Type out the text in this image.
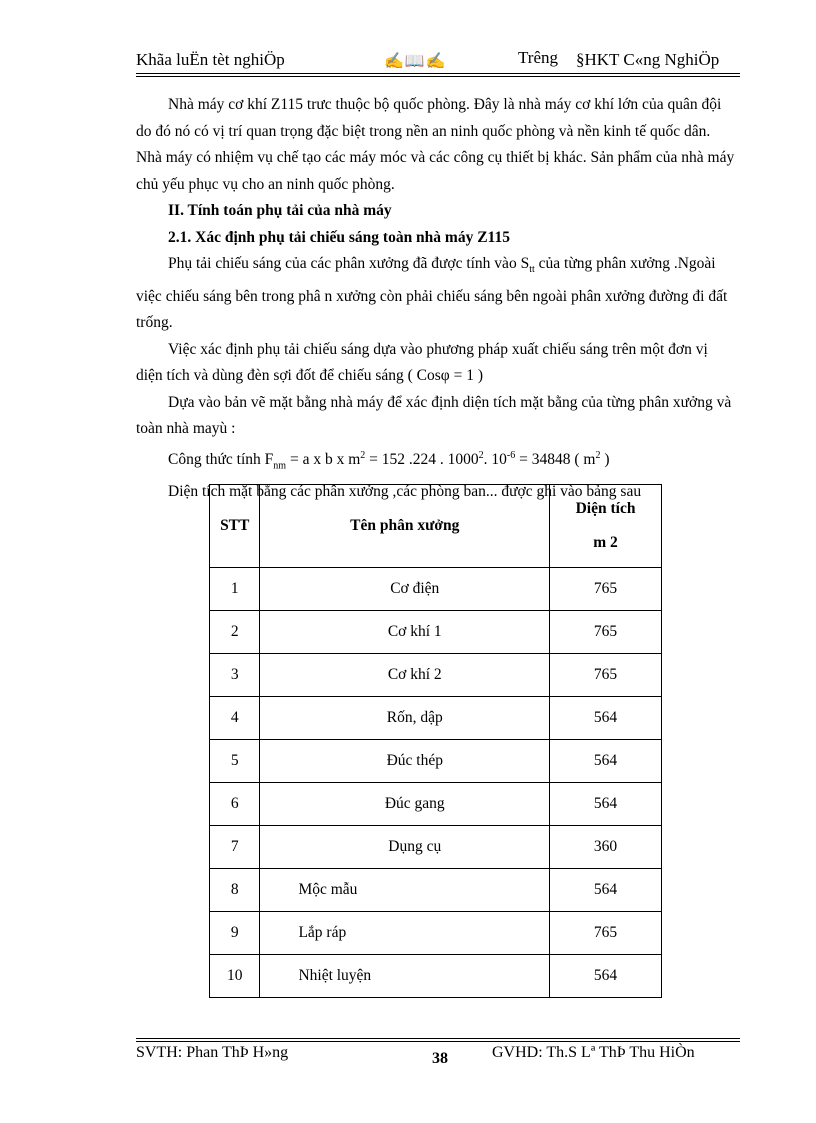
Khãa luËn tèt nghiÖp	✍📖✍	Trêng §HKT C«ng NghiÖp

Nhà máy cơ khí Z115 trưc thuộc bộ quốc phòng. Đây là nhà máy cơ khí lớn của quân đội do đó nó có vị trí quan trọng đặc biệt trong nền an ninh quốc phòng và nền kinh tế quốc dân. Nhà máy có nhiệm vụ chế tạo các máy móc và các công cụ thiết bị khác. Sản phẩm của nhà máy chủ yếu phục vụ cho an ninh quốc phòng.

II. Tính toán phụ tải của nhà máy

2.1. Xác định phụ tải chiếu sáng toàn nhà máy Z115

Phụ tải chiếu sáng của các phân xưởng đã được tính vào $S_{tt}$ của từng phân xưởng .Ngoài việc chiếu sáng bên trong phâ n xưởng còn phải chiếu sáng bên ngoài phân xưởng đường đi đất trống.

Việc xác định phụ tải chiếu sáng dựa vào phương pháp xuất chiếu sáng trên một đơn vị diện tích và dùng đèn sợi đốt để chiếu sáng ( Cosφ = 1 )

Dựa vào bản vẽ mặt bằng nhà máy để xác định diện tích mặt bằng của từng phân xưởng và toàn nhà mayù :

Công thức tính $F_{nm} = a$ x b x $m^2 = 152$ .224 . 1000$^2$. $10^{-6} = 34848$ ( $m^2$ )

Diện tích mặt bằng các phân xưởng ,các phòng ban... được ghi vào bảng sau

STT	Tên phân xưởng	Diện tích
m 2

1	Cơ điện	765
2	Cơ khí 1	765
3	Cơ khí 2	765
4	Rốn, dập	564
5	Đúc thép	564
6	Đúc gang	564
7	Dụng cụ	360
8	Mộc mẫu	564
9	Lắp ráp	765
10	Nhiệt luyện	564
SVTH: Phan ThÞ H»ng	38	GVHD: Th.S Lª ThÞ Thu HiÒn
